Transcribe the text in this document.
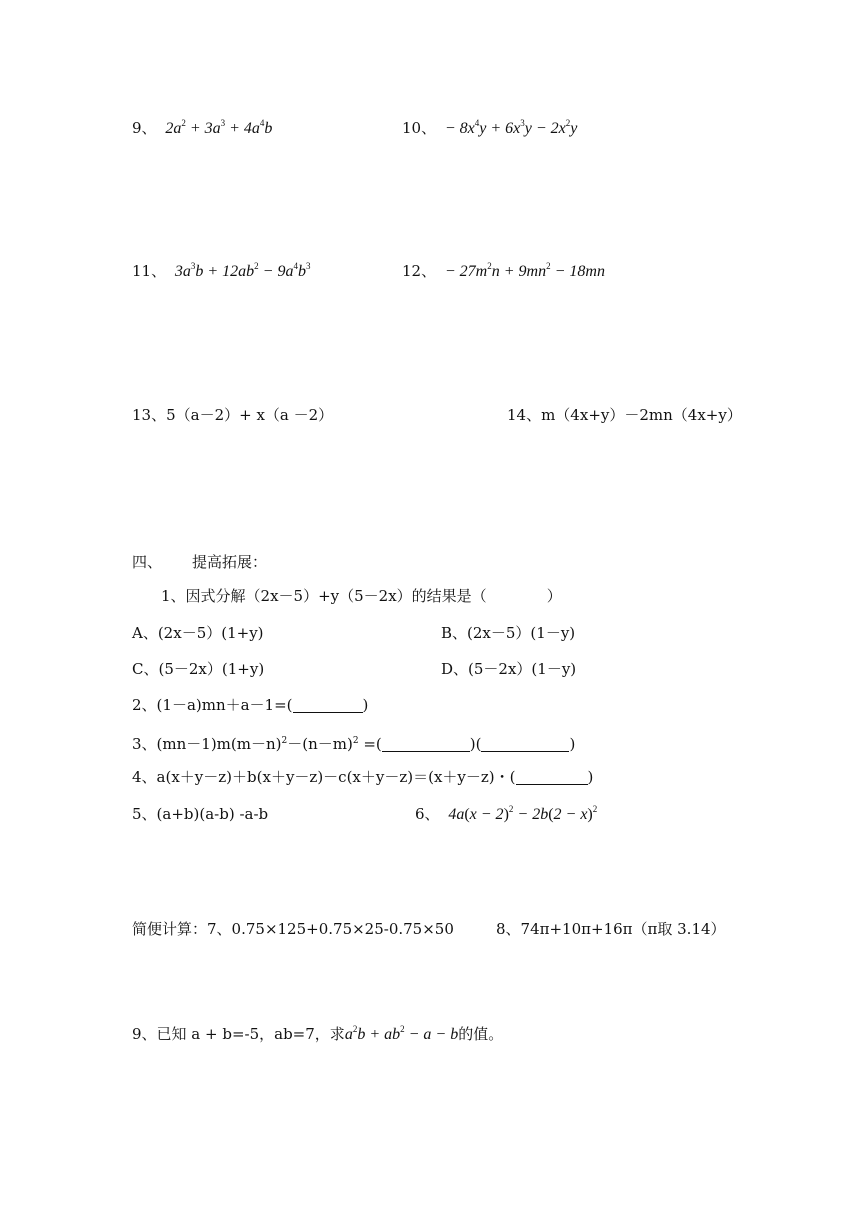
9、  $2a^2 + 3a^3 + 4a^4b$	10、  − $8x^4y + 6x^3y - 2x^2y$
11、  $3a^3b + 12ab^2 - 9a^4b^3$	12、  − $27m^2n + 9mn^2 - 18mn$
13、5（a－2）+ x（a －2）	14、m（4x+y）－2mn（4x+y）
四、 提高拓展：
1、因式分解（2x－5）+y（5－2x）的结果是（	）
A、(2x－5）(1+y)	B、(2x－5）(1－y)
C、(5－2x）(1+y)	D、(5－2x）(1－y)
2、(1－a)mn＋a－1=(	)
3、$(mn-1)m(m-n)^2-(n-m)^2$ =(	)(	)
4、a(x＋y－z)＋b(x＋y－z)－c(x＋y－z)＝(x＋y－z)・(	)
5、(a+b)(a-b) -a-b	6、  $4a(x - 2)^2 - 2b(2 - x)^2$
简便计算：7、0.75×125+0.75×25-0.75×50	8、74π+10π+16π（π取 3.14）
9、已知 a + b=-5，ab=7，求$a^2b + ab^2 - a - b$的值。
